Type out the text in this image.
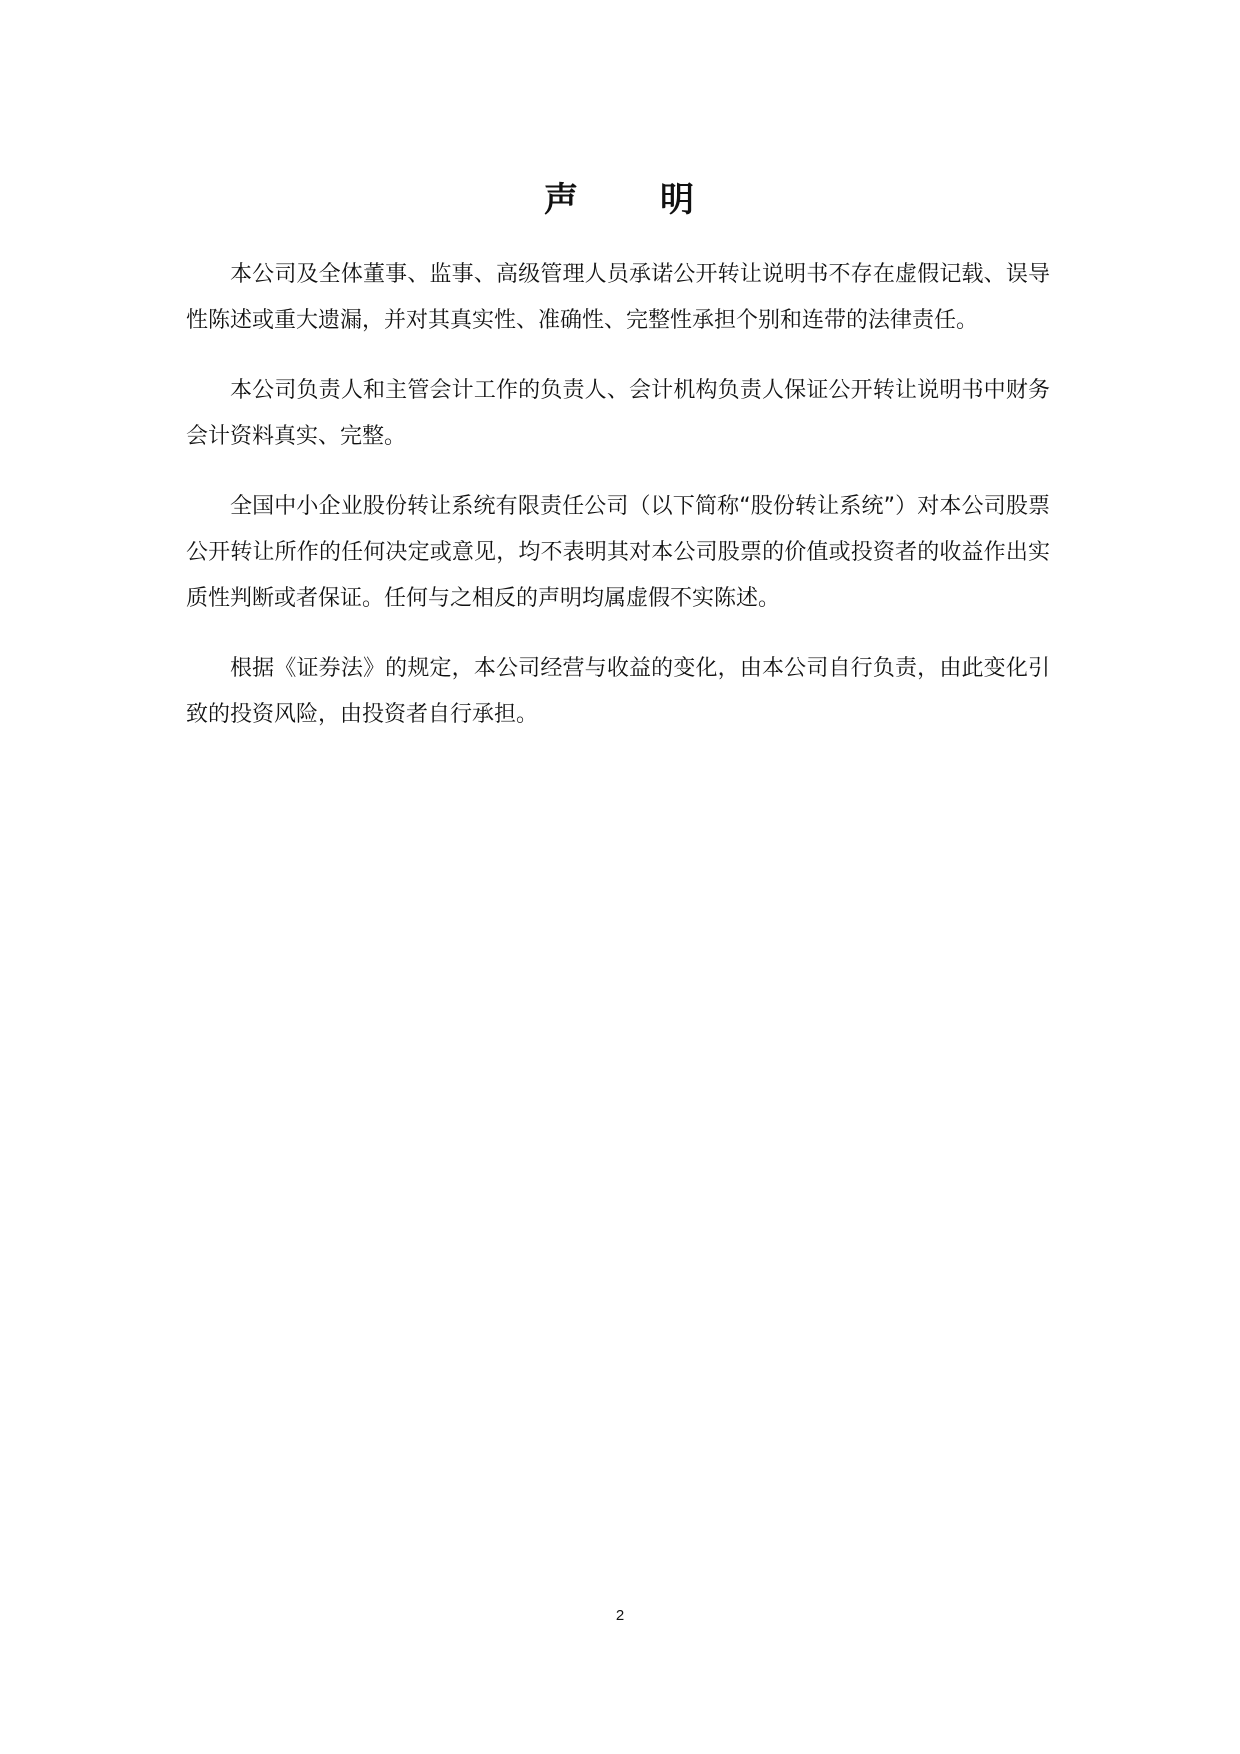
声 明

本公司及全体董事、监事、高级管理人员承诺公开转让说明书不存在虚假记载、误导性陈述或重大遗漏，并对其真实性、准确性、完整性承担个别和连带的法律责任。

本公司负责人和主管会计工作的负责人、会计机构负责人保证公开转让说明书中财务会计资料真实、完整。

全国中小企业股份转让系统有限责任公司（以下简称“股份转让系统”）对本公司股票公开转让所作的任何决定或意见，均不表明其对本公司股票的价值或投资者的收益作出实质性判断或者保证。任何与之相反的声明均属虚假不实陈述。

根据《证券法》的规定，本公司经营与收益的变化，由本公司自行负责，由此变化引致的投资风险，由投资者自行承担。

2
